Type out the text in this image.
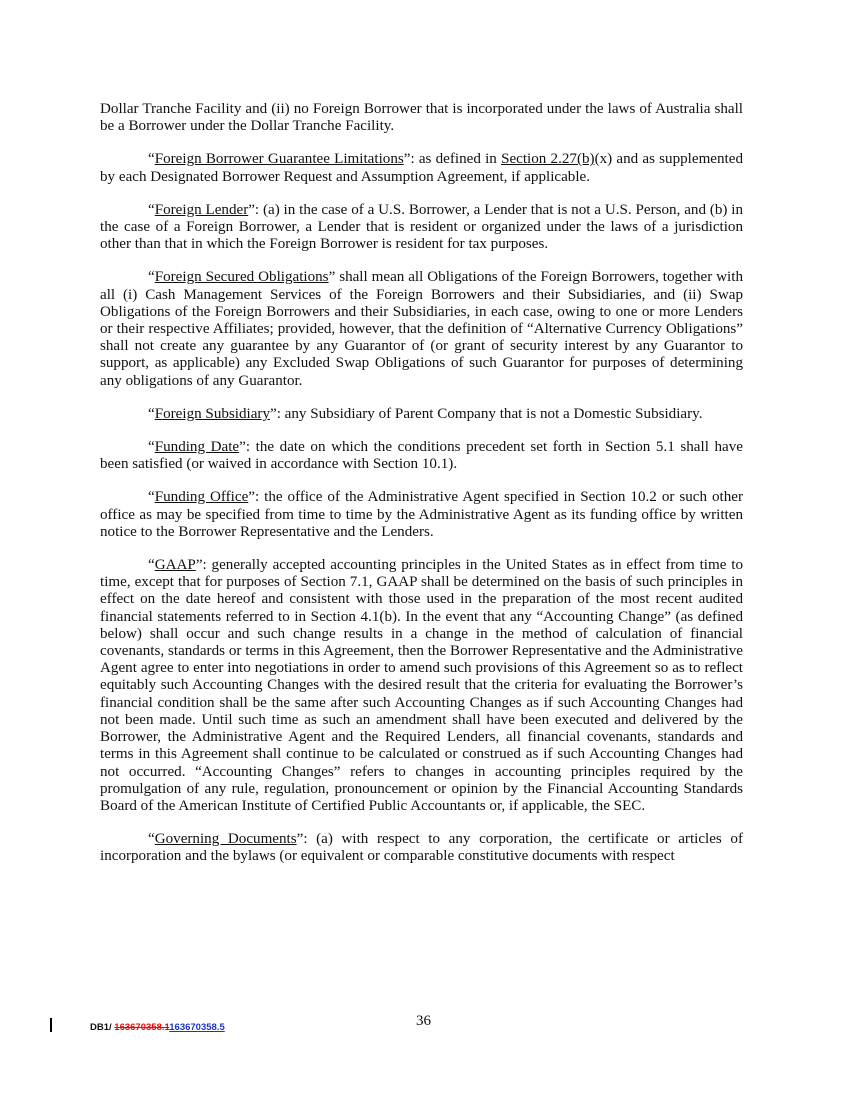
Dollar Tranche Facility and (ii) no Foreign Borrower that is incorporated under the laws of Australia shall be a Borrower under the Dollar Tranche Facility.

“Foreign Borrower Guarantee Limitations”: as defined in Section 2.27(b)(x) and as supplemented by each Designated Borrower Request and Assumption Agreement, if applicable.

“Foreign Lender”: (a) in the case of a U.S. Borrower, a Lender that is not a U.S. Person, and (b) in the case of a Foreign Borrower, a Lender that is resident or organized under the laws of a jurisdiction other than that in which the Foreign Borrower is resident for tax purposes.

“Foreign Secured Obligations” shall mean all Obligations of the Foreign Borrowers, together with all (i) Cash Management Services of the Foreign Borrowers and their Subsidiaries, and (ii) Swap Obligations of the Foreign Borrowers and their Subsidiaries, in each case, owing to one or more Lenders or their respective Affiliates; provided, however, that the definition of “Alternative Currency Obligations” shall not create any guarantee by any Guarantor of (or grant of security interest by any Guarantor to support, as applicable) any Excluded Swap Obligations of such Guarantor for purposes of determining any obligations of any Guarantor.

“Foreign Subsidiary”: any Subsidiary of Parent Company that is not a Domestic Subsidiary.

“Funding Date”: the date on which the conditions precedent set forth in Section 5.1 shall have been satisfied (or waived in accordance with Section 10.1).

“Funding Office”: the office of the Administrative Agent specified in Section 10.2 or such other office as may be specified from time to time by the Administrative Agent as its funding office by written notice to the Borrower Representative and the Lenders.

“GAAP”: generally accepted accounting principles in the United States as in effect from time to time, except that for purposes of Section 7.1, GAAP shall be determined on the basis of such principles in effect on the date hereof and consistent with those used in the preparation of the most recent audited financial statements referred to in Section 4.1(b). In the event that any “Accounting Change” (as defined below) shall occur and such change results in a change in the method of calculation of financial covenants, standards or terms in this Agreement, then the Borrower Representative and the Administrative Agent agree to enter into negotiations in order to amend such provisions of this Agreement so as to reflect equitably such Accounting Changes with the desired result that the criteria for evaluating the Borrower’s financial condition shall be the same after such Accounting Changes as if such Accounting Changes had not been made. Until such time as such an amendment shall have been executed and delivered by the Borrower, the Administrative Agent and the Required Lenders, all financial covenants, standards and terms in this Agreement shall continue to be calculated or construed as if such Accounting Changes had not occurred. “Accounting Changes” refers to changes in accounting principles required by the promulgation of any rule, regulation, pronouncement or opinion by the Financial Accounting Standards Board of the American Institute of Certified Public Accountants or, if applicable, the SEC.

“Governing Documents”: (a) with respect to any corporation, the certificate or articles of incorporation and the bylaws (or equivalent or comparable constitutive documents with respect

DB1/ 163670358.1163670358.5	36
